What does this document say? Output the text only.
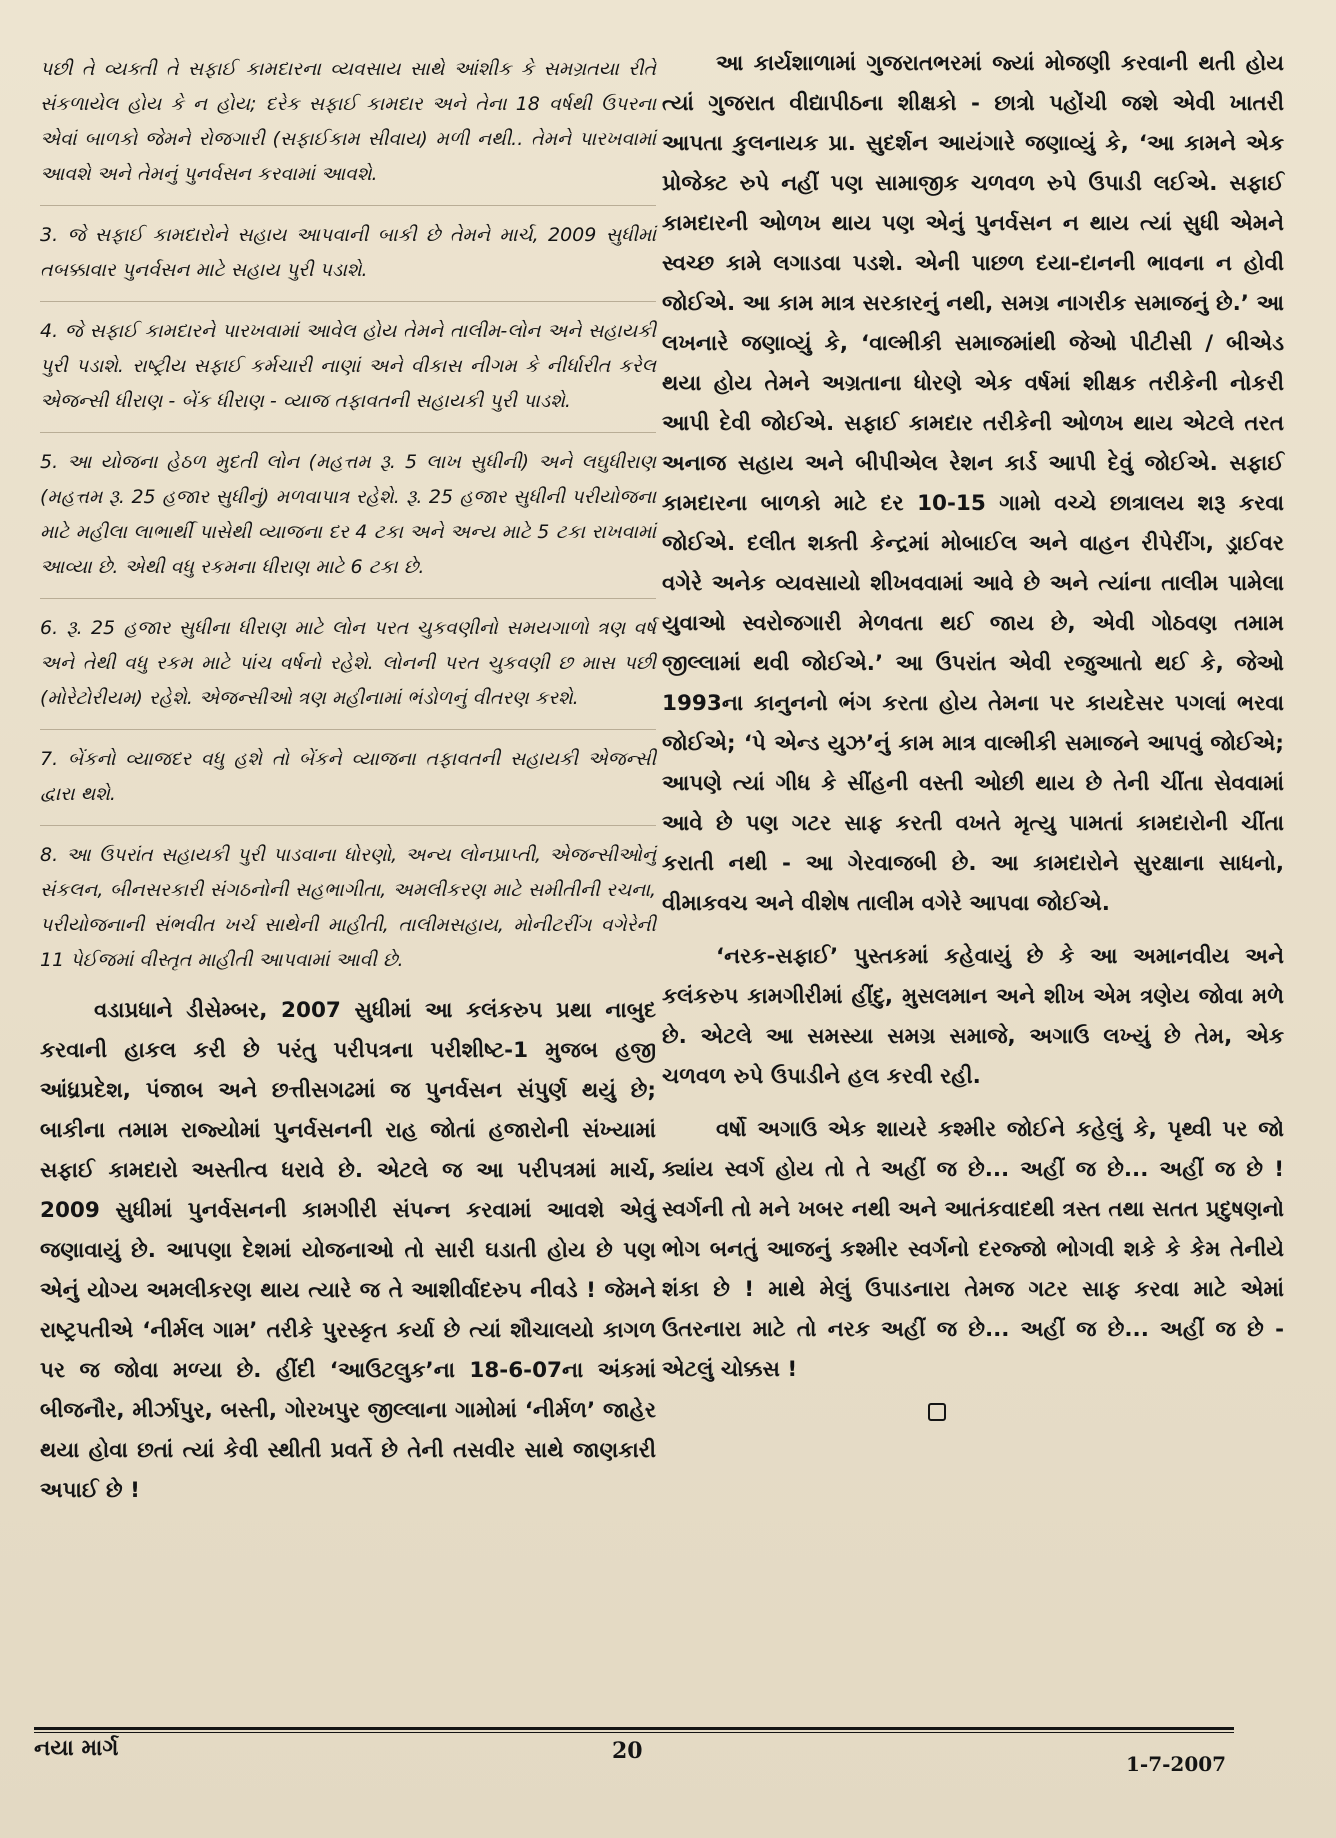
પછી તે વ્યક્તી તે સફાઈ કામદારના વ્યવસાય સાથે આંશીક કે સમગ્રતયા રીતે સંકળાયેલ હોય કે ન હોય; દરેક સફાઈ કામદાર અને તેના 18 વર્ષથી ઉપરના એવાં બાળકો જેમને રોજગારી (સફાઈકામ સીવાય) મળી નથી.. તેમને પારખવામાં આવશે અને તેમનું પુનર્વસન કરવામાં આવશે.

3. જે સફાઈ કામદારોને સહાય આપવાની બાકી છે તેમને માર્ચ, 2009 સુધીમાં તબક્કાવાર પુનર્વસન માટે સહાય પુરી પડાશે.

4. જે સફાઈ કામદારને પારખવામાં આવેલ હોય તેમને તાલીમ-લોન અને સહાયકી પુરી પડાશે. રાષ્ટ્રીય સફાઈ કર્મચારી નાણાં અને વીકાસ નીગમ કે નીર્ધારીત કરેલ એજન્સી ધીરાણ - બેંક ધીરાણ - વ્યાજ તફાવતની સહાયકી પુરી પાડશે.

5. આ યોજના હેઠળ મુદતી લોન (મહત્તમ રૂ. 5 લાખ સુધીની) અને લઘુધીરાણ (મહત્તમ રૂ. 25 હજાર સુધીનું) મળવાપાત્ર રહેશે. રૂ. 25 હજાર સુધીની પરીયોજના માટે મહીલા લાભાર્થી પાસેથી વ્યાજના દર 4 ટકા અને અન્ય માટે 5 ટકા રાખવામાં આવ્યા છે. એથી વધુ રકમના ધીરાણ માટે 6 ટકા છે.

6. રૂ. 25 હજાર સુધીના ધીરાણ માટે લોન પરત ચુકવણીનો સમયગાળો ત્રણ વર્ષ અને તેથી વધુ રકમ માટે પાંચ વર્ષનો રહેશે. લોનની પરત ચુકવણી છ માસ પછી (મોરેટોરીયમ) રહેશે. એજન્સીઓ ત્રણ મહીનામાં ભંડોળનું વીતરણ કરશે.

7. બેંકનો વ્યાજદર વધુ હશે તો બેંકને વ્યાજના તફાવતની સહાયકી એજન્સી દ્વારા થશે.

8. આ ઉપરાંત સહાયકી પુરી પાડવાના ધોરણો, અન્ય લોનપ્રાપ્તી, એજન્સીઓનું સંકલન, બીનસરકારી સંગઠનોની સહભાગીતા, અમલીકરણ માટે સમીતીની રચના, પરીયોજનાની સંભવીત ખર્ચ સાથેની માહીતી, તાલીમસહાય, મોનીટરીંગ વગેરેની 11 પેઈજમાં વીસ્તૃત માહીતી આપવામાં આવી છે.

વડાપ્રધાને ડીસેમ્બર, 2007 સુધીમાં આ કલંકરુપ પ્રથા નાબુદ કરવાની હાકલ કરી છે પરંતુ પરીપત્રના પરીશીષ્ટ-1 મુજબ હજી આંધ્રપ્રદેશ, પંજાબ અને છત્તીસગઢમાં જ પુનર્વસન સંપુર્ણ થયું છે; બાકીના તમામ રાજ્યોમાં પુનર્વસનની રાહ જોતાં હજારોની સંખ્યામાં સફાઈ કામદારો અસ્તીત્વ ધરાવે છે. એટલે જ આ પરીપત્રમાં માર્ચ, 2009 સુધીમાં પુનર્વસનની કામગીરી સંપન્ન કરવામાં આવશે એવું જણાવાયું છે. આપણા દેશમાં યોજનાઓ તો સારી ઘડાતી હોય છે પણ એનું યોગ્ય અમલીકરણ થાય ત્યારે જ તે આશીર્વાદરુપ નીવડે ! જેમને રાષ્ટ્રપતીએ ‘નીર્મલ ગામ’ તરીકે પુરસ્કૃત કર્યા છે ત્યાં શૌચાલયો કાગળ પર જ જોવા મળ્યા છે. હીંદી ‘આઉટલુક’ના 18-6-07ના અંકમાં બીજનૌર, મીર્ઝાપુર, બસ્તી, ગોરખપુર જીલ્લાના ગામોમાં ‘નીર્મળ’ જાહેર થયા હોવા છતાં ત્યાં કેવી સ્થીતી પ્રવર્તે છે તેની તસવીર સાથે જાણકારી અપાઈ છે !

આ કાર્યશાળામાં ગુજરાતભરમાં જ્યાં મોજણી કરવાની થતી હોય ત્યાં ગુજરાત વીદ્યાપીઠના શીક્ષકો - છાત્રો પહોંચી જશે એવી ખાતરી આપતા કુલનાયક પ્રા. સુદર્શન આયંગારે જણાવ્યું કે, ‘આ કામને એક પ્રોજેક્ટ રુપે નહીં પણ સામાજીક ચળવળ રુપે ઉપાડી લઈએ. સફાઈ કામદારની ઓળખ થાય પણ એનું પુનર્વસન ન થાય ત્યાં સુધી એમને સ્વચ્છ કામે લગાડવા પડશે. એની પાછળ દયા-દાનની ભાવના ન હોવી જોઈએ. આ કામ માત્ર સરકારનું નથી, સમગ્ર નાગરીક સમાજનું છે.’ આ લખનારે જણાવ્યું કે, ‘વાલ્મીકી સમાજમાંથી જેઓ પીટીસી / બીએડ થયા હોય તેમને અગ્રતાના ધોરણે એક વર્ષમાં શીક્ષક તરીકેની નોકરી આપી દેવી જોઈએ. સફાઈ કામદાર તરીકેની ઓળખ થાય એટલે તરત અનાજ સહાય અને બીપીએલ રેશન કાર્ડ આપી દેવું જોઈએ. સફાઈ કામદારના બાળકો માટે દર 10-15 ગામો વચ્ચે છાત્રાલય શરૂ કરવા જોઈએ. દલીત શક્તી કેન્દ્રમાં મોબાઈલ અને વાહન રીપેરીંગ, ડ્રાઈવર વગેરે અનેક વ્યવસાયો શીખવવામાં આવે છે અને ત્યાંના તાલીમ પામેલા યુવાઓ સ્વરોજગારી મેળવતા થઈ જાય છે, એવી ગોઠવણ તમામ જીલ્લામાં થવી જોઈએ.’ આ ઉપરાંત એવી રજુઆતો થઈ કે, જેઓ 1993ના કાનુનનો ભંગ કરતા હોય તેમના પર કાયદેસર પગલાં ભરવા જોઈએ; ‘પે એન્ડ યુઝ’નું કામ માત્ર વાલ્મીકી સમાજને આપવું જોઈએ; આપણે ત્યાં ગીધ કે સીંહની વસ્તી ઓછી થાય છે તેની ચીંતા સેવવામાં આવે છે પણ ગટર સાફ કરતી વખતે મૃત્યુ પામતાં કામદારોની ચીંતા કરાતી નથી - આ ગેરવાજબી છે. આ કામદારોને સુરક્ષાના સાધનો, વીમાકવચ અને વીશેષ તાલીમ વગેરે આપવા જોઈએ.

‘નરક-સફાઈ’ પુસ્તકમાં કહેવાયું છે કે આ અમાનવીય અને કલંકરુપ કામગીરીમાં હીંદુ, મુસલમાન અને શીખ એમ ત્રણેય જોવા મળે છે. એટલે આ સમસ્યા સમગ્ર સમાજે, અગાઉ લખ્યું છે તેમ, એક ચળવળ રુપે ઉપાડીને હલ કરવી રહી.

વર્ષો અગાઉ એક શાયરે કશ્મીર જોઈને કહેલું કે, પૃથ્વી પર જો ક્યાંય સ્વર્ગ હોય તો તે અહીં જ છે... અહીં જ છે... અહીં જ છે ! સ્વર્ગની તો મને ખબર નથી અને આતંકવાદથી ત્રસ્ત તથા સતત પ્રદુષણનો ભોગ બનતું આજનું કશ્મીર સ્વર્ગનો દરજ્જો ભોગવી શકે કે કેમ તેનીયે શંકા છે ! માથે મેલું ઉપાડનારા તેમજ ગટર સાફ કરવા માટે એમાં ઉતરનારા માટે તો નરક અહીં જ છે... અહીં જ છે... અહીં જ છે - એટલું ચોક્કસ !

નયા માર્ગ	20	1-7-2007
